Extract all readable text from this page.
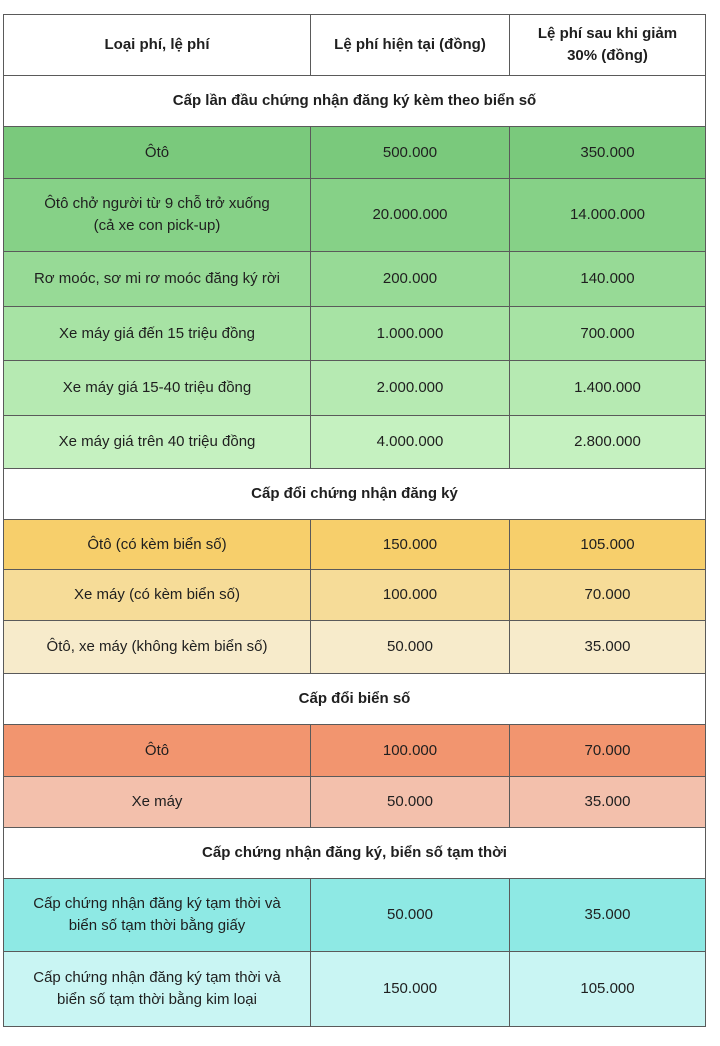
Loại phí, lệ phí	Lệ phí hiện tại (đồng)	Lệ phí sau khi giảm
30% (đồng)

Cấp lần đầu chứng nhận đăng ký kèm theo biển số		
Ôtô	500.000	350.000

Ôtô chở người từ 9 chỗ trở xuống
(cả xe con pick-up)	20.000.000	14.000.000
Rơ moóc, sơ mi rơ moóc đăng ký rời	200.000	140.000
Xe máy giá đến 15 triệu đồng	1.000.000	700.000
Xe máy giá 15-40 triệu đồng	2.000.000	1.400.000
Xe máy giá trên 40 triệu đồng	4.000.000	2.800.000
Cấp đổi chứng nhận đăng ký		
Ôtô (có kèm biển số)	150.000	105.000
Xe máy (có kèm biển số)	100.000	70.000
Ôtô, xe máy (không kèm biển số)	50.000	35.000
Cấp đổi biển số		
Ôtô	100.000	70.000
Xe máy	50.000	35.000
Cấp chứng nhận đăng ký, biển số tạm thời		

Cấp chứng nhận đăng ký tạm thời và
biển số tạm thời bằng giấy	50.000	35.000

Cấp chứng nhận đăng ký tạm thời và
biển số tạm thời bằng kim loại	150.000	105.000
